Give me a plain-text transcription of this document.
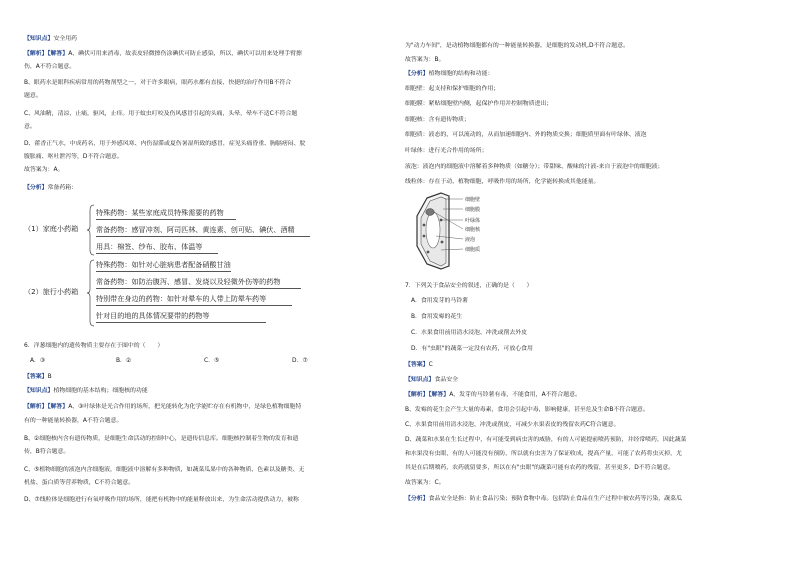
【知识点】安全用药
【解析】【解答】A、碘伏可用来消毒，故表皮轻微擦伤涂碘伏可防止感染，所以，碘伏可以用来处理手臂擦
伤，A不符合题意。
B、眼药水是眼科疾病常用的药物剂型之一，对于许多眼病，眼药水都有直接、快捷的治疗作用B不符合
题意。
C、风油精，清凉，止痛，驱风，止痒。用于蚊虫叮咬及伤风感冒引起的头痛，头晕，晕车不适C不符合题
意。
D、藿香正气水，中成药名，用于外感风寒、内伤湿滞或夏伤暑湿所致的感冒，症见头痛昏重、胸膈痞闷、脘
腹胀痛、呕吐泄泻等，D不符合题意。
故答案为：A。
【分析】常备药箱：
（1）家庭小药箱
特殊药物：某些家庭成员特殊需要的药物
常备药物：感冒冲剂、阿司匹林、黄连素、创可贴、碘伏、酒精
用具：棉签、纱布、胶布、体温等
（2）旅行小药箱
特殊药物：如针对心脏病患者配备硝酸甘油
常备药物：如防治腹泻、感冒、发烧以及轻微外伤等的药物
特别带在身边的药物：如针对晕车的人带上防晕车药等
针对目的地的具体情况要带的药物等
6．洋葱细胞内的遗传物质主要存在于图中的（　　）
A．③	B．②	C．⑤	D．⑦
【答案】B
【知识点】植物细胞的基本结构；细胞核的功能
【解析】【解答】A、③叶绿体是光合作用的场所，把光能转化为化学能贮存在有机物中，是绿色植物细胞特
有的一种能量转换器，A不符合题意。
B、②细胞核内含有遗传物质，是细胞生命活动的控制中心，是遗传信息库。细胞核控制着生物的发育和遗
传，B符合题意。
C、⑤植物细胞的液泡内含细胞液，细胞液中溶解有多种物质，如蔬菜瓜果中的各种物质、色素以及糖类、无
机盐、蛋白质等营养物质，C不符合题意。
D、⑦线粒体是细胞进行有氧呼吸作用的场所，能把有机物中的能量释放出来，为生命活动提供动力，被称
为"动力车间"，是动植物细胞都有的一种能量转换器，是细胞的发动机,D不符合题意。
故答案为：B。
【分析】植物细胞的结构和功能：
细胞壁：起支持和保护细胞的作用；
细胞膜：紧贴细胞壁内侧，起保护作用并控制物质进出；
细胞核：含有遗传物质；
细胞质：液态的，可以流动的，从而加速细胞内、外的物质交换；细胞质里面有叶绿体、液泡
叶绿体：进行光合作用的场所；
液泡：液泡内的细胞液中溶解着多种物质（如糖分）；带甜味、酸味的汁液-来自于液泡中的细胞液；
线粒体：存在于动、植物细胞，呼吸作用的场所，化学能转换成其他能量。
细胞壁
细胞膜
叶绿体
细胞核
液泡
细胞质
7．下列关于食品安全的叙述，正确的是（　　）
A．食用发芽的马铃薯
B．食用发霉的花生
C．水果食用前用清水浸泡、冲洗或削去外皮
D．有"虫眼"的蔬菜一定没有农药，可放心食用
【答案】C
【知识点】食品安全
【解析】【解答】A、发芽的马铃薯有毒，不能食用，A不符合题意。
B、发霉的花生会产生大量的毒素，食用会引起中毒，影响健康，甚至危及生命B不符合题意。
C、水果食用前用清水浸泡、冲洗或削皮，可减少水果表皮的残留农药C符合题意。
D、蔬菜和水果在生长过程中，有可能受到病虫害的威胁，有的人可能提前喷药预防，并经常喷药，因此蔬菜
和水果没有虫眼，有的人可能没有预防，所以就有虫害为了保证收成，提高产量，可能了农药将虫灭掉，尤
其是在后期喷药，农药就留要多，所以在有"虫眼"的蔬菜可能有农药的残留，甚至更多，D不符合题意。
故答案为：C。
【分析】食品安全是指：防止食品污染；预防食物中毒。包括防止食品在生产过程中被农药等污染，蔬菜瓜
